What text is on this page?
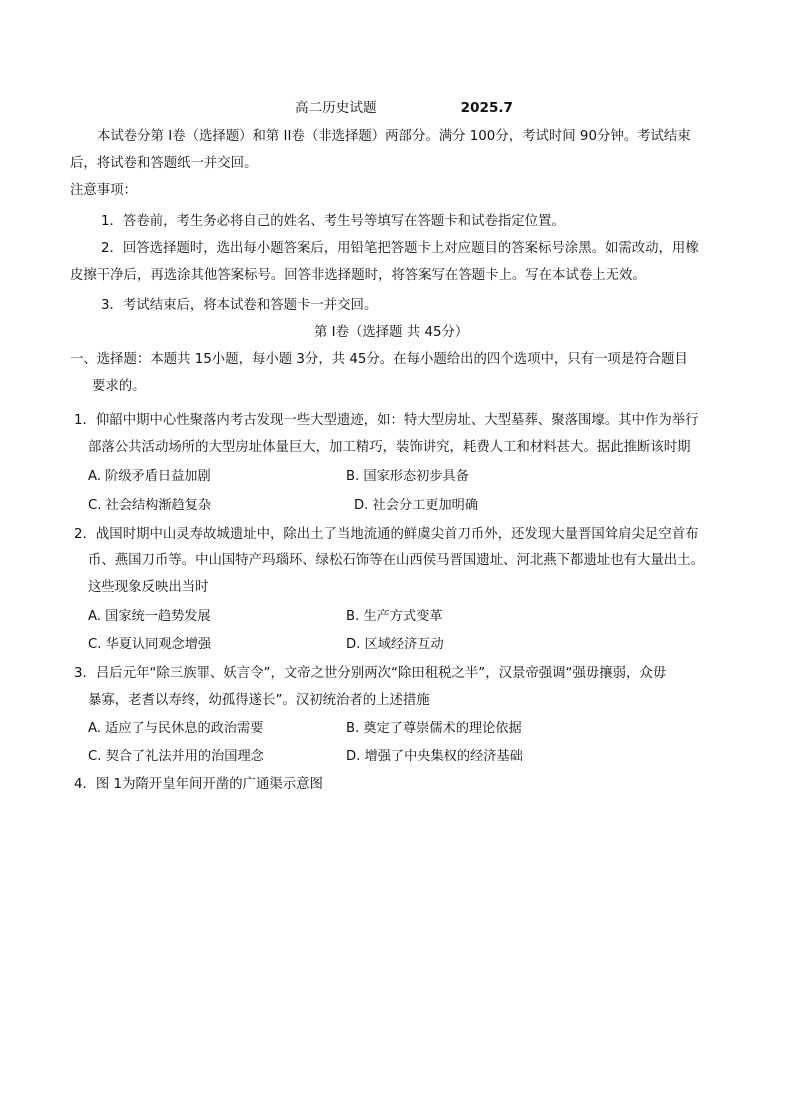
高二历史试题	2025.7
本试卷分第 I卷（选择题）和第 II卷（非选择题）两部分。满分 100分，考试时间 90分钟。考试结束
后，将试卷和答题纸一并交回。
注意事项：
1．答卷前，考生务必将自己的姓名、考生号等填写在答题卡和试卷指定位置。
2．回答选择题时，选出每小题答案后，用铅笔把答题卡上对应题目的答案标号涂黑。如需改动，用橡
皮擦干净后，再选涂其他答案标号。回答非选择题时，将答案写在答题卡上。写在本试卷上无效。
3．考试结束后，将本试卷和答题卡一并交回。
第 I卷（选择题 共 45分）
一、选择题：本题共 15小题，每小题 3分，共 45分。在每小题给出的四个选项中，只有一项是符合题目
要求的。
1．仰韶中期中心性聚落内考古发现一些大型遗迹，如：特大型房址、大型墓葬、聚落围壕。其中作为举行
部落公共活动场所的大型房址体量巨大，加工精巧，装饰讲究，耗费人工和材料甚大。据此推断该时期
A. 阶级矛盾日益加剧	B. 国家形态初步具备
C. 社会结构渐趋复杂	D. 社会分工更加明确
2．战国时期中山灵寿故城遗址中，除出土了当地流通的鲜虞尖首刀币外，还发现大量晋国耸肩尖足空首布
币、燕国刀币等。中山国特产玛瑙环、绿松石饰等在山西侯马晋国遗址、河北燕下都遗址也有大量出土。
这些现象反映出当时
A. 国家统一趋势发展	B. 生产方式变革
C. 华夏认同观念增强	D. 区域经济互动
3．吕后元年“除三族罪、妖言令”，文帝之世分别两次“除田租税之半”，汉景帝强调“强毋攘弱，众毋
暴寡，老耆以寿终，幼孤得遂长”。汉初统治者的上述措施
A. 适应了与民休息的政治需要	B. 奠定了尊崇儒术的理论依据
C. 契合了礼法并用的治国理念	D. 增强了中央集权的经济基础
4．图 1为隋开皇年间开凿的广通渠示意图
